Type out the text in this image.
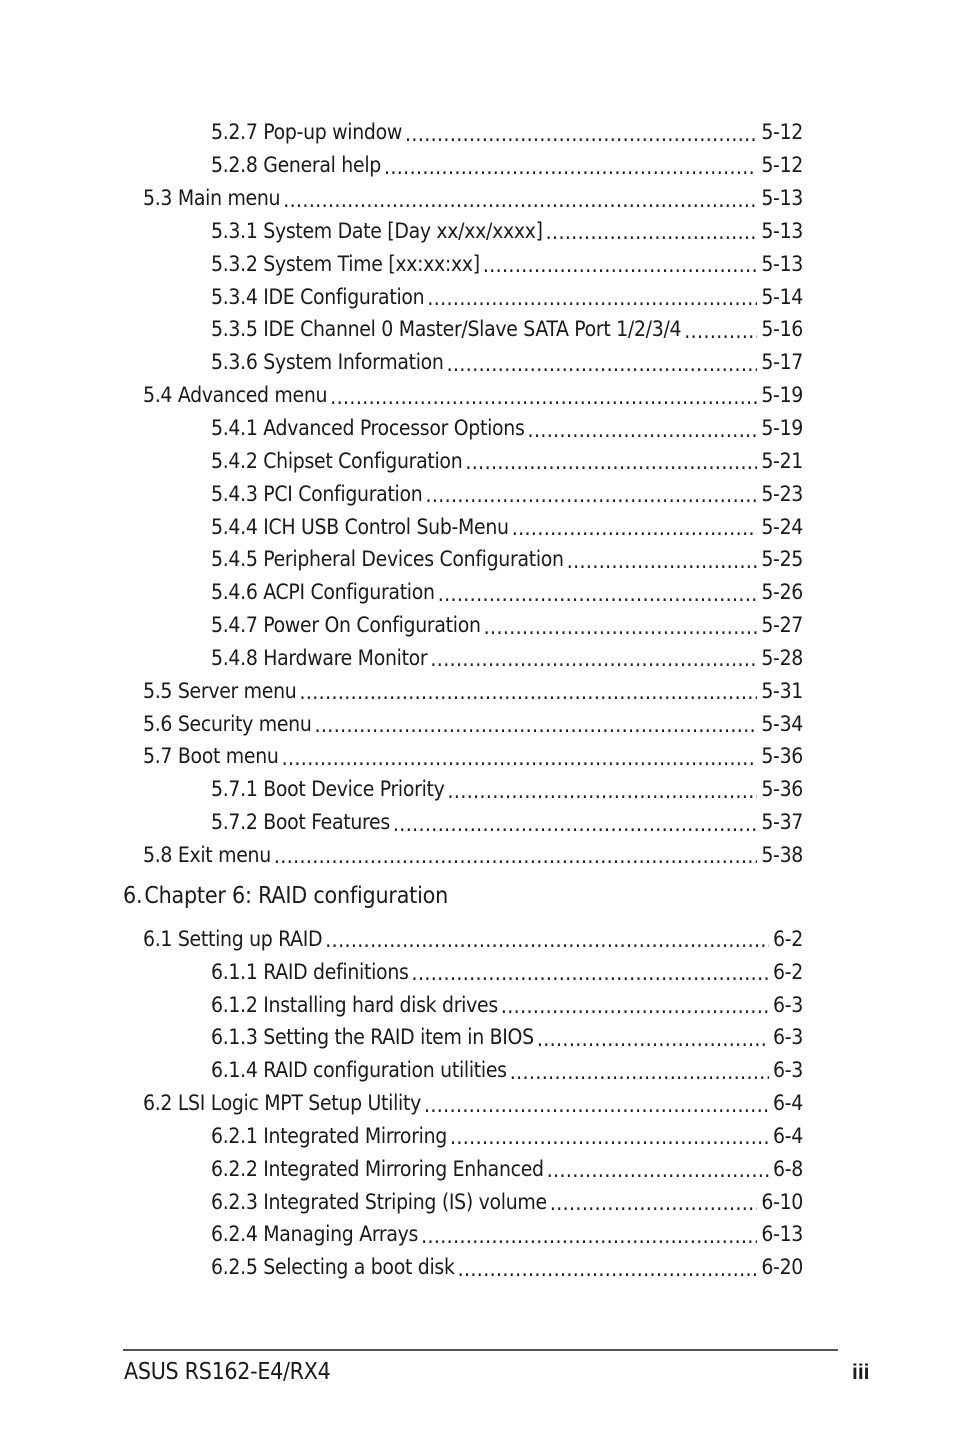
5.2.7 Pop-up window .....	5-12
5.2.8 General help .....	5-12
5.3 Main menu .....	5-13
5.3.1 System Date [Day xx/xx/xxxx] .....	5-13
5.3.2 System Time [xx:xx:xx] .....	5-13
5.3.4 IDE Configuration .....	5-14
5.3.5 IDE Channel 0 Master/Slave SATA Port 1/2/3/4 .....	5-16
5.3.6 System Information .....	5-17
5.4 Advanced menu .....	5-19
5.4.1 Advanced Processor Options .....	5-19
5.4.2 Chipset Configuration .....	5-21
5.4.3 PCI Configuration .....	5-23
5.4.4 ICH USB Control Sub-Menu .....	5-24
5.4.5 Peripheral Devices Configuration .....	5-25
5.4.6 ACPI Configuration .....	5-26
5.4.7 Power On Configuration .....	5-27
5.4.8 Hardware Monitor .....	5-28
5.5 Server menu .....	5-31
5.6 Security menu .....	5-34
5.7 Boot menu .....	5-36
5.7.1 Boot Device Priority .....	5-36
5.7.2 Boot Features .....	5-37
5.8 Exit menu .....	5-38
6. Chapter 6: RAID configuration
6.1 Setting up RAID .....	6-2
6.1.1 RAID definitions .....	6-2
6.1.2 Installing hard disk drives .....	6-3
6.1.3 Setting the RAID item in BIOS .....	6-3
6.1.4 RAID configuration utilities .....	6-3
6.2 LSI Logic MPT Setup Utility .....	6-4
6.2.1 Integrated Mirroring .....	6-4
6.2.2 Integrated Mirroring Enhanced .....	6-8
6.2.3 Integrated Striping (IS) volume .....	6-10
6.2.4 Managing Arrays .....	6-13
6.2.5 Selecting a boot disk .....	6-20
ASUS RS162-E4/RX4	iii
